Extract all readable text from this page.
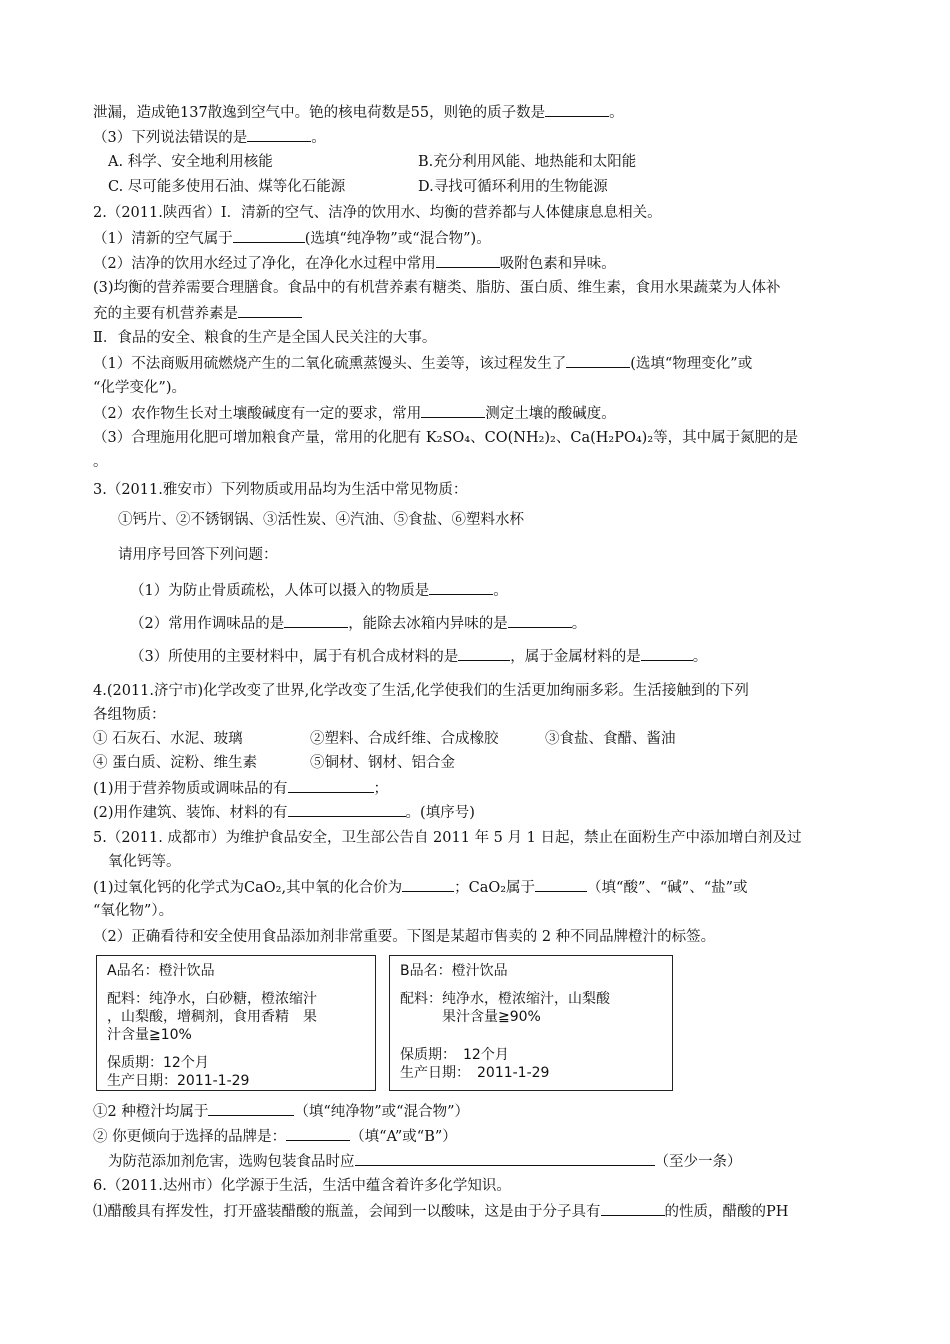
泄漏，造成铯137散逸到空气中。铯的核电荷数是55，则铯的质子数是	。
（3）下列说法错误的是	。
A. 科学、安全地利用核能	B.充分利用风能、地热能和太阳能
C. 尽可能多使用石油、煤等化石能源	D.寻找可循环利用的生物能源
2.（2011.陕西省）Ⅰ．清新的空气、洁净的饮用水、均衡的营养都与人体健康息息相关。
（1）清新的空气属于	(选填“纯净物”或“混合物”)。
（2）洁净的饮用水经过了净化，在净化水过程中常用	吸附色素和异味。
(3)均衡的营养需要合理膳食。食品中的有机营养素有糖类、脂肪、蛋白质、维生素，食用水果蔬菜为人体补
充的主要有机营养素是
Ⅱ．食品的安全、粮食的生产是全国人民关注的大事。
（1）不法商贩用硫燃烧产生的二氧化硫熏蒸馒头、生姜等，该过程发生了	(选填“物理变化”或
“化学变化”)。
（2）农作物生长对土壤酸碱度有一定的要求，常用	测定土壤的酸碱度。
（3）合理施用化肥可增加粮食产量，常用的化肥有 K₂SO₄、CO(NH₂)₂、Ca(H₂PO₄)₂等，其中属于氮肥的是
。
3.（2011.雅安市）下列物质或用品均为生活中常见物质：
①钙片、②不锈钢锅、③活性炭、④汽油、⑤食盐、⑥塑料水杯
请用序号回答下列问题：
（1）为防止骨质疏松，人体可以摄入的物质是	。
（2）常用作调味品的是	，能除去冰箱内异味的是	。
（3）所使用的主要材料中，属于有机合成材料的是	，属于金属材料的是	。
4.(2011.济宁市)化学改变了世界,化学改变了生活,化学使我们的生活更加绚丽多彩。生活接触到的下列
各组物质：
① 石灰石、水泥、玻璃	②塑料、合成纤维、合成橡胶	③食盐、食醋、酱油
④ 蛋白质、淀粉、维生素	⑤铜材、钢材、铝合金
(1)用于营养物质或调味品的有	；
(2)用作建筑、装饰、材料的有	。(填序号)
5.（2011. 成都市）为维护食品安全，卫生部公告自 2011 年 5 月 1 日起，禁止在面粉生产中添加增白剂及过
氧化钙等。
(1)过氧化钙的化学式为CaO₂,其中氧的化合价为	；CaO₂属于	（填“酸”、“碱”、“盐”或
“氧化物”）。
（2）正确看待和安全使用食品添加剂非常重要。下图是某超市售卖的 2 种不同品牌橙汁的标签。
A品名：橙汁饮品
配料：纯净水，白砂糖，橙浓缩汁
，山梨酸，增稠剂，食用香精　果
汁含量≧10%
保质期：12个月
生产日期：2011-1-29
B品名：橙汁饮品
配料：纯净水，橙浓缩汁，山梨酸
　　　果汁含量≧90%
保质期：　12个月
生产日期：　2011-1-29
①2 种橙汁均属于	（填“纯净物”或“混合物”）
② 你更倾向于选择的品牌是：	（填“A”或“B”）
为防范添加剂危害，选购包装食品时应	（至少一条）
6.（2011.达州市）化学源于生活，生活中蕴含着许多化学知识。
⑴醋酸具有挥发性，打开盛装醋酸的瓶盖，会闻到一以酸味，这是由于分子具有	的性质，醋酸的PH
